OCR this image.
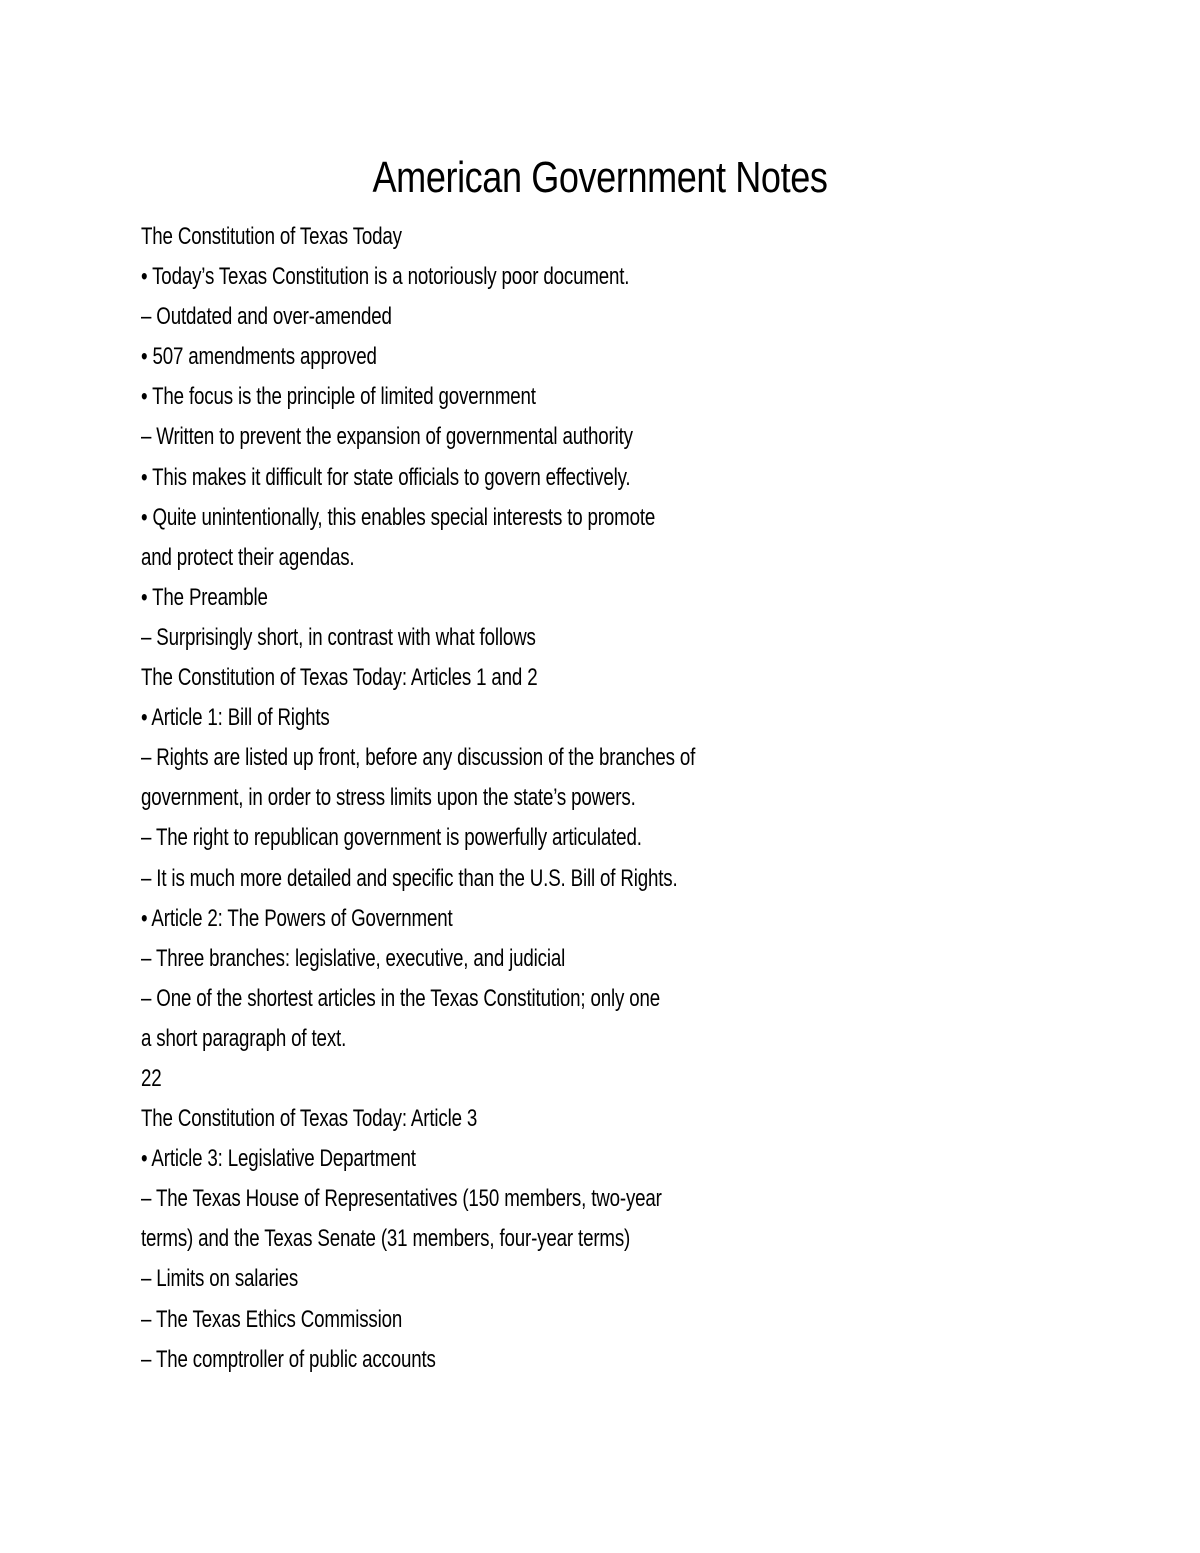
American Government Notes
The Constitution of Texas Today
• Today’s Texas Constitution is a notoriously poor document.
– Outdated and over-amended
• 507 amendments approved
• The focus is the principle of limited government
– Written to prevent the expansion of governmental authority
• This makes it difficult for state officials to govern effectively.
• Quite unintentionally, this enables special interests to promote
and protect their agendas.
• The Preamble
– Surprisingly short, in contrast with what follows
The Constitution of Texas Today: Articles 1 and 2
• Article 1: Bill of Rights
– Rights are listed up front, before any discussion of the branches of
government, in order to stress limits upon the state’s powers.
– The right to republican government is powerfully articulated.
– It is much more detailed and specific than the U.S. Bill of Rights.
• Article 2: The Powers of Government
– Three branches: legislative, executive, and judicial
– One of the shortest articles in the Texas Constitution; only one
a short paragraph of text.
22
The Constitution of Texas Today: Article 3
• Article 3: Legislative Department
– The Texas House of Representatives (150 members, two-year
terms) and the Texas Senate (31 members, four-year terms)
– Limits on salaries
– The Texas Ethics Commission
– The comptroller of public accounts
